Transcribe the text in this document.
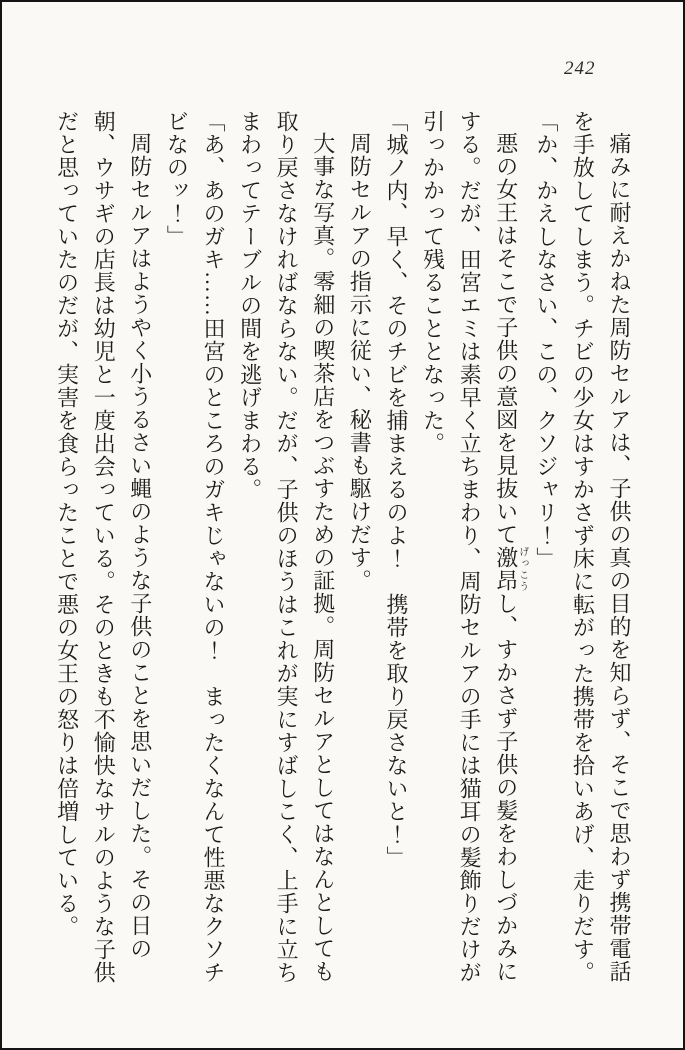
242

痛みに耐えかねた周防セルアは、子供の真の目的を知らず、そこで思わず携帯電話を手放してしまう。チビの少女はすかさず床に転がった携帯を拾いあげ、走りだす。

「か、かえしなさい、この、クソジャリ！」

悪の女王はそこで子供の意図を見抜いて激昂げっこうし、すかさず子供の髪をわしづかみにする。だが、田宮エミは素早く立ちまわり、周防セルアの手には猫耳の髪飾りだけが引っかかって残ることとなった。

「城ノ内、早く、そのチビを捕まえるのよ！　携帯を取り戻さないと！」

周防セルアの指示に従い、秘書も駆けだす。

大事な写真。零細の喫茶店をつぶすための証拠。周防セルアとしてはなんとしても取り戻さなければならない。だが、子供のほうはこれが実にすばしこく、上手に立ちまわってテーブルの間を逃げまわる。

「あ、あのガキ……田宮のところのガキじゃないの！　まったくなんて性悪なクソチビなのッ！」

周防セルアはようやく小うるさい蝿のような子供のことを思いだした。その日の朝、ウサギの店長は幼児と一度出会っている。そのときも不愉快なサルのような子供だと思っていたのだが、実害を食らったことで悪の女王の怒りは倍増している。
